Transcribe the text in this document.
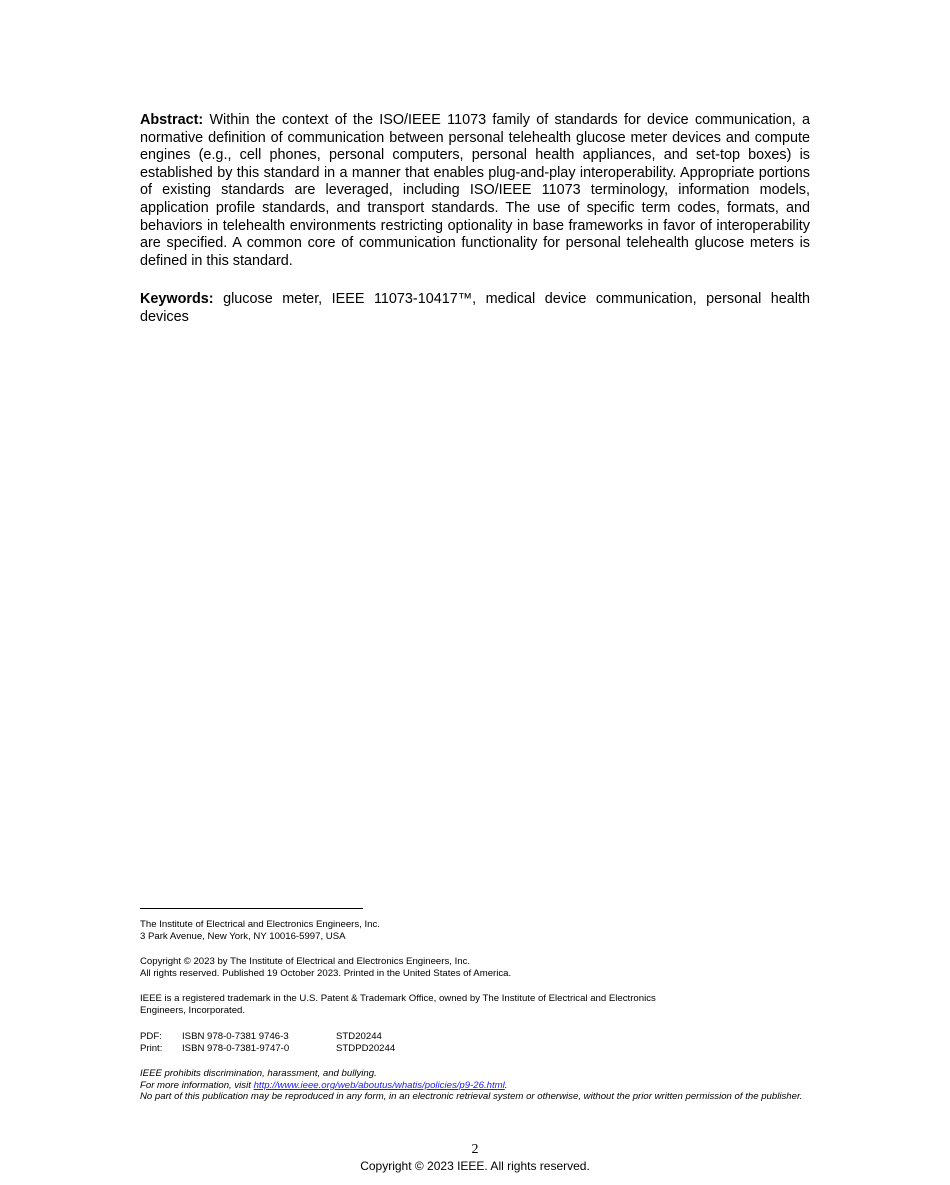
Abstract: Within the context of the ISO/IEEE 11073 family of standards for device communication, a normative definition of communication between personal telehealth glucose meter devices and compute engines (e.g., cell phones, personal computers, personal health appliances, and set-top boxes) is established by this standard in a manner that enables plug-and-play interoperability. Appropriate portions of existing standards are leveraged, including ISO/IEEE 11073 terminology, information models, application profile standards, and transport standards. The use of specific term codes, formats, and behaviors in telehealth environments restricting optionality in base frameworks in favor of interoperability are specified. A common core of communication functionality for personal telehealth glucose meters is defined in this standard.

Keywords: glucose meter, IEEE 11073-10417™, medical device communication, personal health devices

The Institute of Electrical and Electronics Engineers, Inc.

3 Park Avenue, New York, NY 10016-5997, USA

Copyright © 2023 by The Institute of Electrical and Electronics Engineers, Inc.

All rights reserved. Published 19 October 2023. Printed in the United States of America.

IEEE is a registered trademark in the U.S. Patent & Trademark Office, owned by The Institute of Electrical and Electronics

Engineers, Incorporated.

PDF:	ISBN 978-0-7381 9746-3	STD20244
Print:	ISBN 978-0-7381-9747-0	STDPD20244

IEEE prohibits discrimination, harassment, and bullying.

For more information, visit http://www.ieee.org/web/aboutus/whatis/policies/p9-26.html.

No part of this publication may be reproduced in any form, in an electronic retrieval system or otherwise, without the prior written permission of the publisher.

2
Copyright © 2023 IEEE. All rights reserved.
